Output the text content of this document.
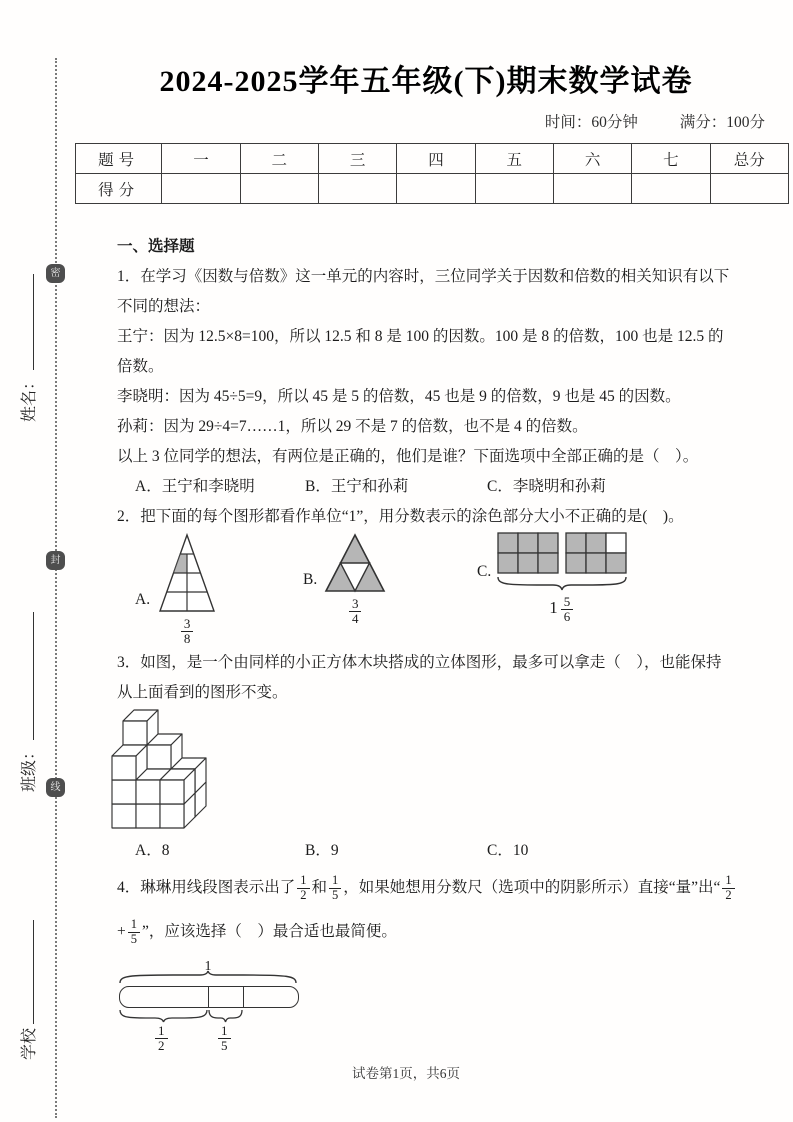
密
封
线
姓名：
班级：
学校
2024-2025学年五年级(下)期末数学试卷
时间：60分钟	满分：100分
题号	一	二	三	四	五	六	七	总分
得分								
一、选择题
1．在学习《因数与倍数》这一单元的内容时，三位同学关于因数和倍数的相关知识有以下
不同的想法：
王宁：因为 12.5×8=100，所以 12.5 和 8 是 100 的因数。100 是 8 的倍数，100 也是 12.5 的
倍数。
李晓明：因为 45÷5=9，所以 45 是 5 的倍数，45 也是 9 的倍数，9 也是 45 的因数。
孙莉：因为 29÷4=7……1，所以 29 不是 7 的倍数，也不是 4 的倍数。
以上 3 位同学的想法，有两位是正确的，他们是谁？下面选项中全部正确的是（　）。
A．王宁和李晓明	B．王宁和孙莉	C．李晓明和孙莉
2．把下面的每个图形都看作单位“1”，用分数表示的涂色部分大小不正确的是(　)。
A.
$\frac{3}{8}$
B.
$\frac{3}{4}$
C.
$1 \frac{5}{6}$
3．如图，是一个由同样的小正方体木块搭成的立体图形，最多可以拿走（　），也能保持
从上面看到的图形不变。
A．8	B．9	C．10
4．琳琳用线段图表示出了 $\frac{1}{2}$ 和 $\frac{1}{5}$ ，如果她想用分数尺（选项中的阴影所示）直接“量”出“ $\frac{1}{2}$
+ $\frac{1}{5}$ ”，应该选择（　）最合适也最简便。
1
$\frac{1}{2}$	$\frac{1}{5}$
试卷第1页，共6页
